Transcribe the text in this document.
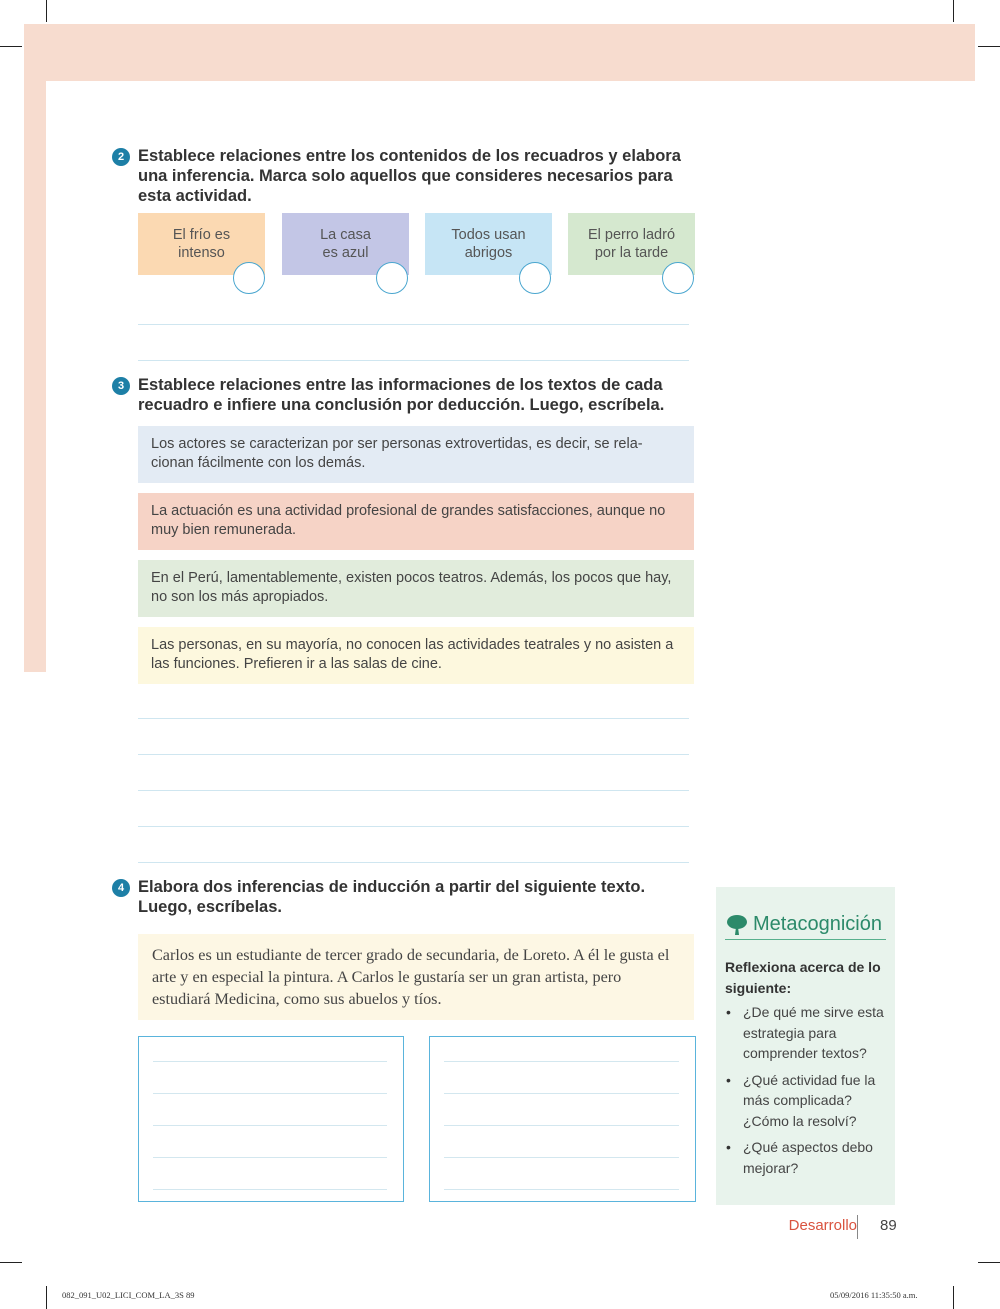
2 Establece relaciones entre los contenidos de los recuadros y elabora una inferencia. Marca solo aquellos que consideres necesarios para esta actividad.
El frío es
intenso
La casa
es azul
Todos usan
abrigos
El perro ladró
por la tarde
3 Establece relaciones entre las informaciones de los textos de cada recuadro e infiere una conclusión por deducción. Luego, escríbela.
Los actores se caracterizan por ser personas extrovertidas, es decir, se rela-cionan fácilmente con los demás.
La actuación es una actividad profesional de grandes satisfacciones, aunque no muy bien remunerada.
En el Perú, lamentablemente, existen pocos teatros. Además, los pocos que hay, no son los más apropiados.
Las personas, en su mayoría, no conocen las actividades teatrales y no asisten a las funciones. Prefieren ir a las salas de cine.
4 Elabora dos inferencias de inducción a partir del siguiente texto. Luego, escríbelas.
Carlos es un estudiante de tercer grado de secundaria, de Loreto. A él le gusta el arte y en especial la pintura. A Carlos le gustaría ser un gran artista, pero estudiará Medicina, como sus abuelos y tíos.
Metacognición
Reflexiona acerca de lo siguiente:
• ¿De qué me sirve esta estrategia para comprender textos?
• ¿Qué actividad fue la más complicada? ¿Cómo la resolví?
• ¿Qué aspectos debo mejorar?
Desarrollo 89
082_091_U02_LICI_COM_LA_3S 89	05/09/2016 11:35:50 a.m.
